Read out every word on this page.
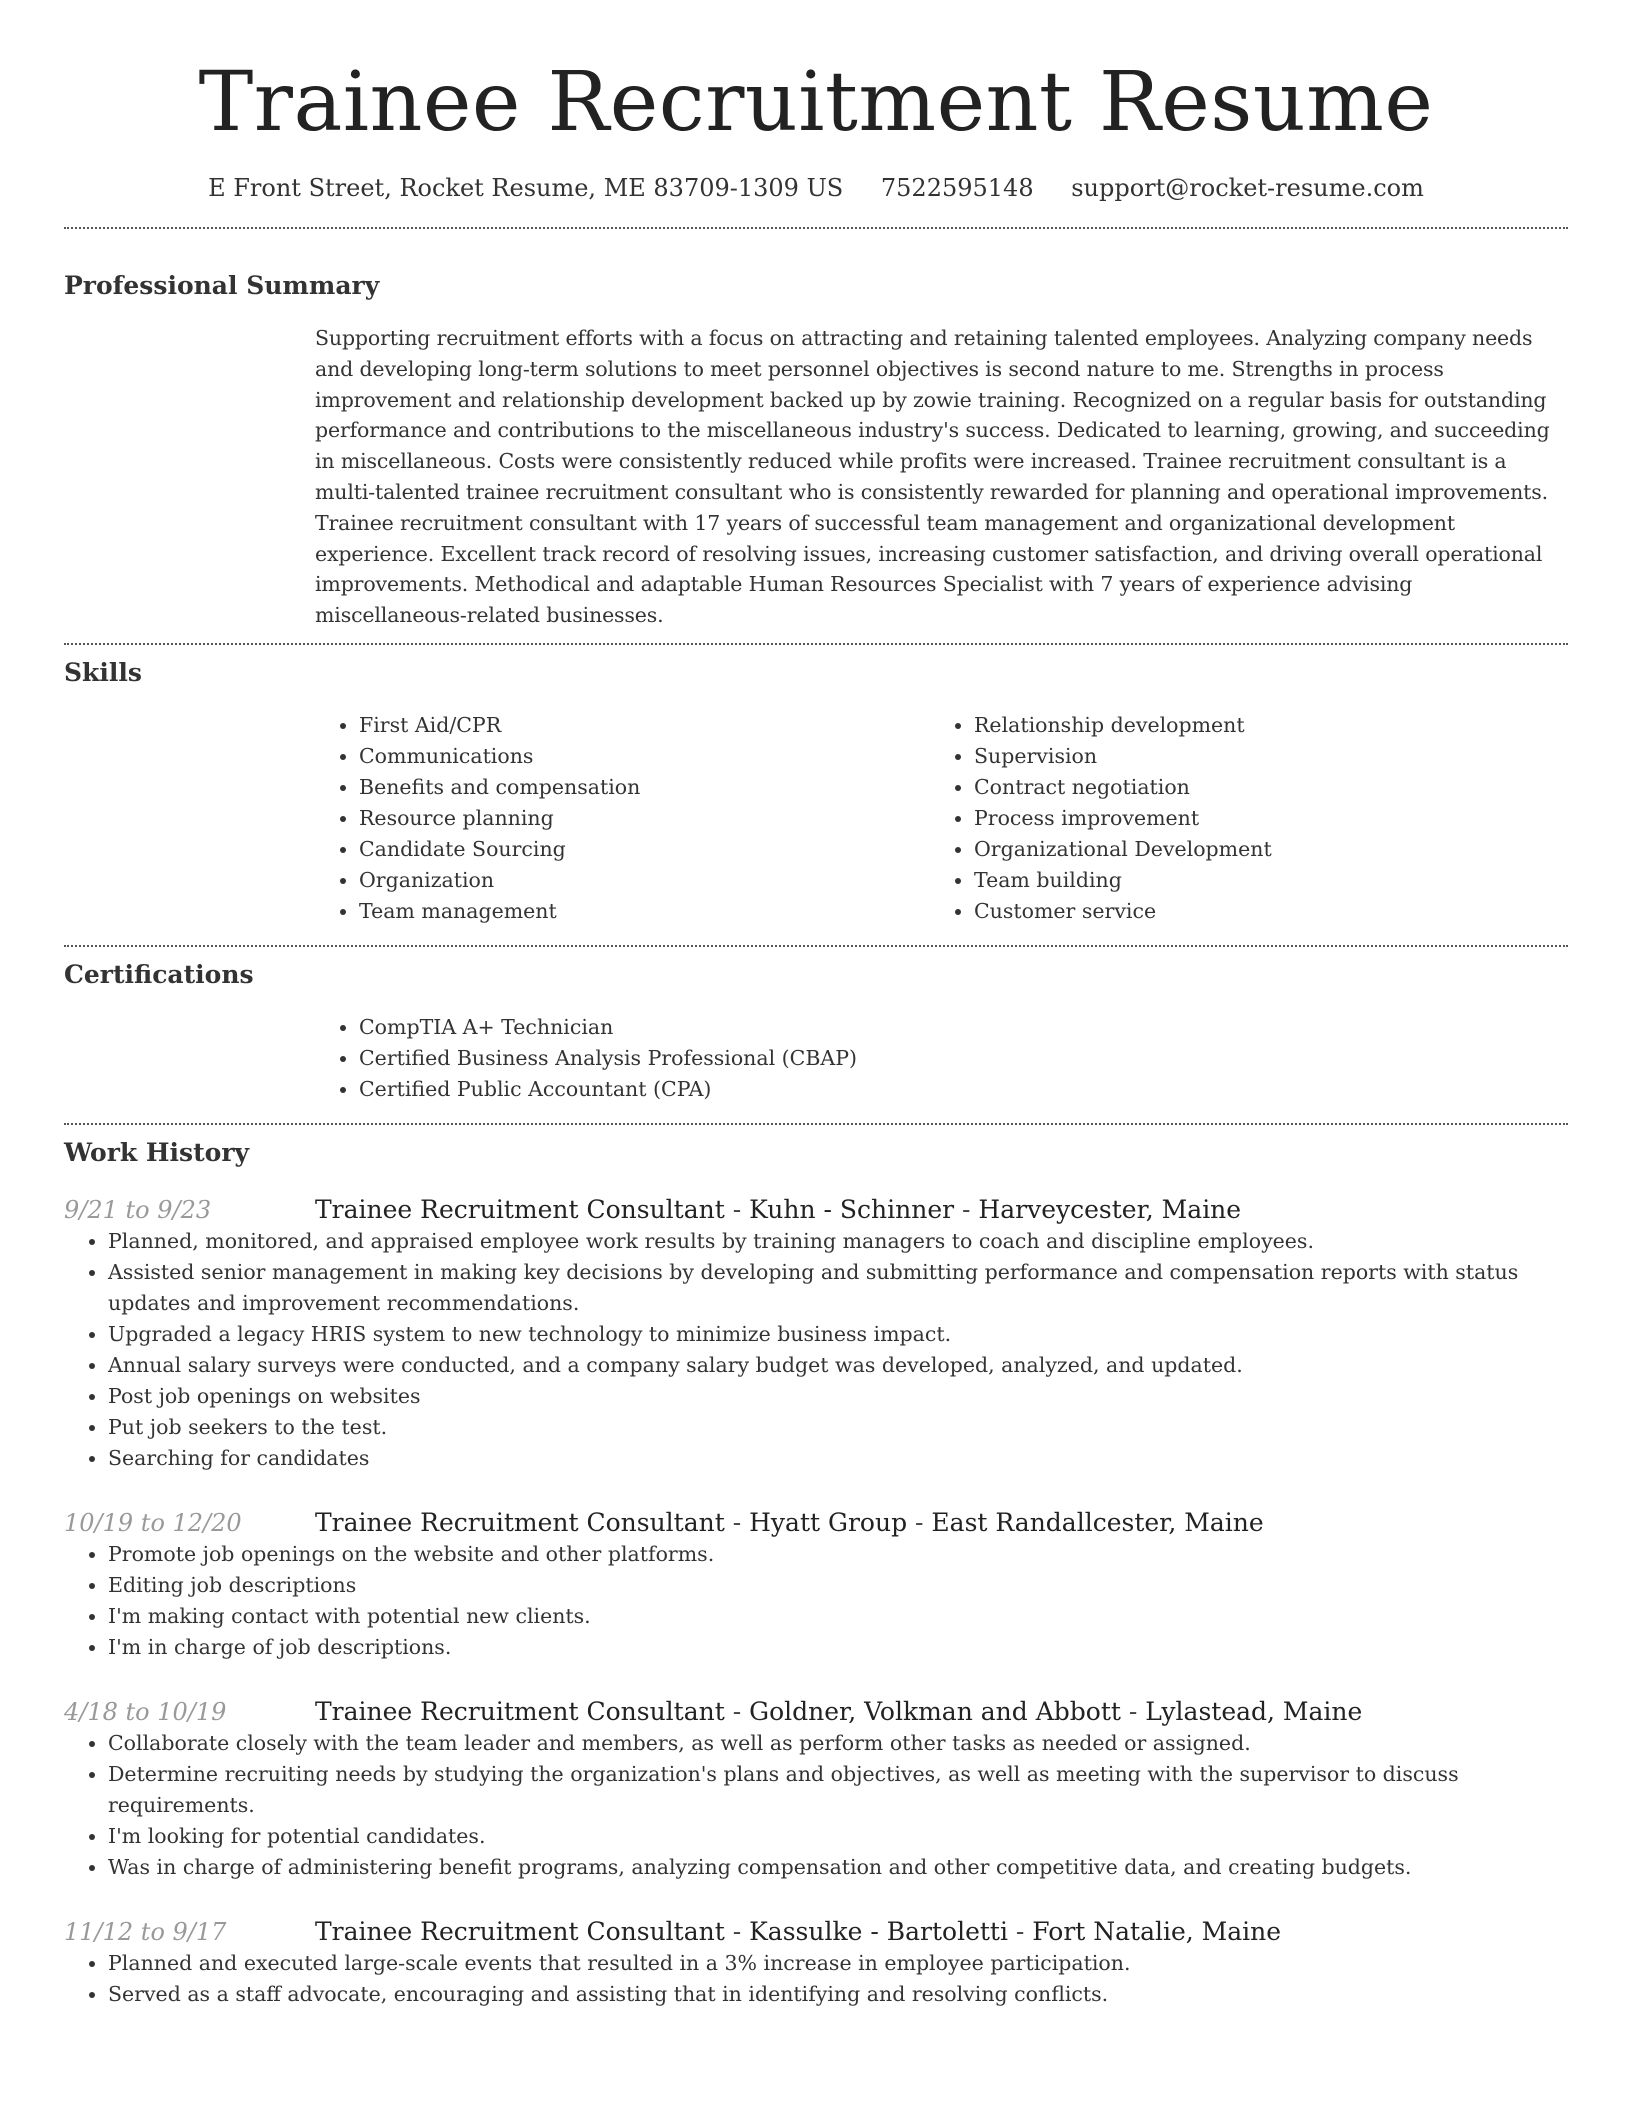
Trainee Recruitment Resume
E Front Street, Rocket Resume, ME 83709-1309 US 7522595148 support@rocket-resume.com
Professional Summary

Supporting recruitment efforts with a focus on attracting and retaining talented employees. Analyzing company needs and developing long-term solutions to meet personnel objectives is second nature to me. Strengths in process improvement and relationship development backed up by zowie training. Recognized on a regular basis for outstanding performance and contributions to the miscellaneous industry's success. Dedicated to learning, growing, and succeeding in miscellaneous. Costs were consistently reduced while profits were increased. Trainee recruitment consultant is a multi-talented trainee recruitment consultant who is consistently rewarded for planning and operational improvements. Trainee recruitment consultant with 17 years of successful team management and organizational development experience. Excellent track record of resolving issues, increasing customer satisfaction, and driving overall operational improvements. Methodical and adaptable Human Resources Specialist with 7 years of experience advising miscellaneous-related businesses.

Skills
• First Aid/CPR
• Communications
• Benefits and compensation
• Resource planning
• Candidate Sourcing
• Organization
• Team management
• Relationship development
• Supervision
• Contract negotiation
• Process improvement
• Organizational Development
• Team building
• Customer service
Certifications
• CompTIA A+ Technician
• Certified Business Analysis Professional (CBAP)
• Certified Public Accountant (CPA)
Work History
9/21 to 9/23	Trainee Recruitment Consultant - Kuhn - Schinner - Harveycester, Maine
• Planned, monitored, and appraised employee work results by training managers to coach and discipline employees.
• Assisted senior management in making key decisions by developing and submitting performance and compensation reports with status updates and improvement recommendations.
• Upgraded a legacy HRIS system to new technology to minimize business impact.
• Annual salary surveys were conducted, and a company salary budget was developed, analyzed, and updated.
• Post job openings on websites
• Put job seekers to the test.
• Searching for candidates
10/19 to 12/20	Trainee Recruitment Consultant - Hyatt Group - East Randallcester, Maine
• Promote job openings on the website and other platforms.
• Editing job descriptions
• I'm making contact with potential new clients.
• I'm in charge of job descriptions.
4/18 to 10/19	Trainee Recruitment Consultant - Goldner, Volkman and Abbott - Lylastead, Maine
• Collaborate closely with the team leader and members, as well as perform other tasks as needed or assigned.
• Determine recruiting needs by studying the organization's plans and objectives, as well as meeting with the supervisor to discuss requirements.
• I'm looking for potential candidates.
• Was in charge of administering benefit programs, analyzing compensation and other competitive data, and creating budgets.
11/12 to 9/17	Trainee Recruitment Consultant - Kassulke - Bartoletti - Fort Natalie, Maine
• Planned and executed large-scale events that resulted in a 3% increase in employee participation.
• Served as a staff advocate, encouraging and assisting that in identifying and resolving conflicts.
